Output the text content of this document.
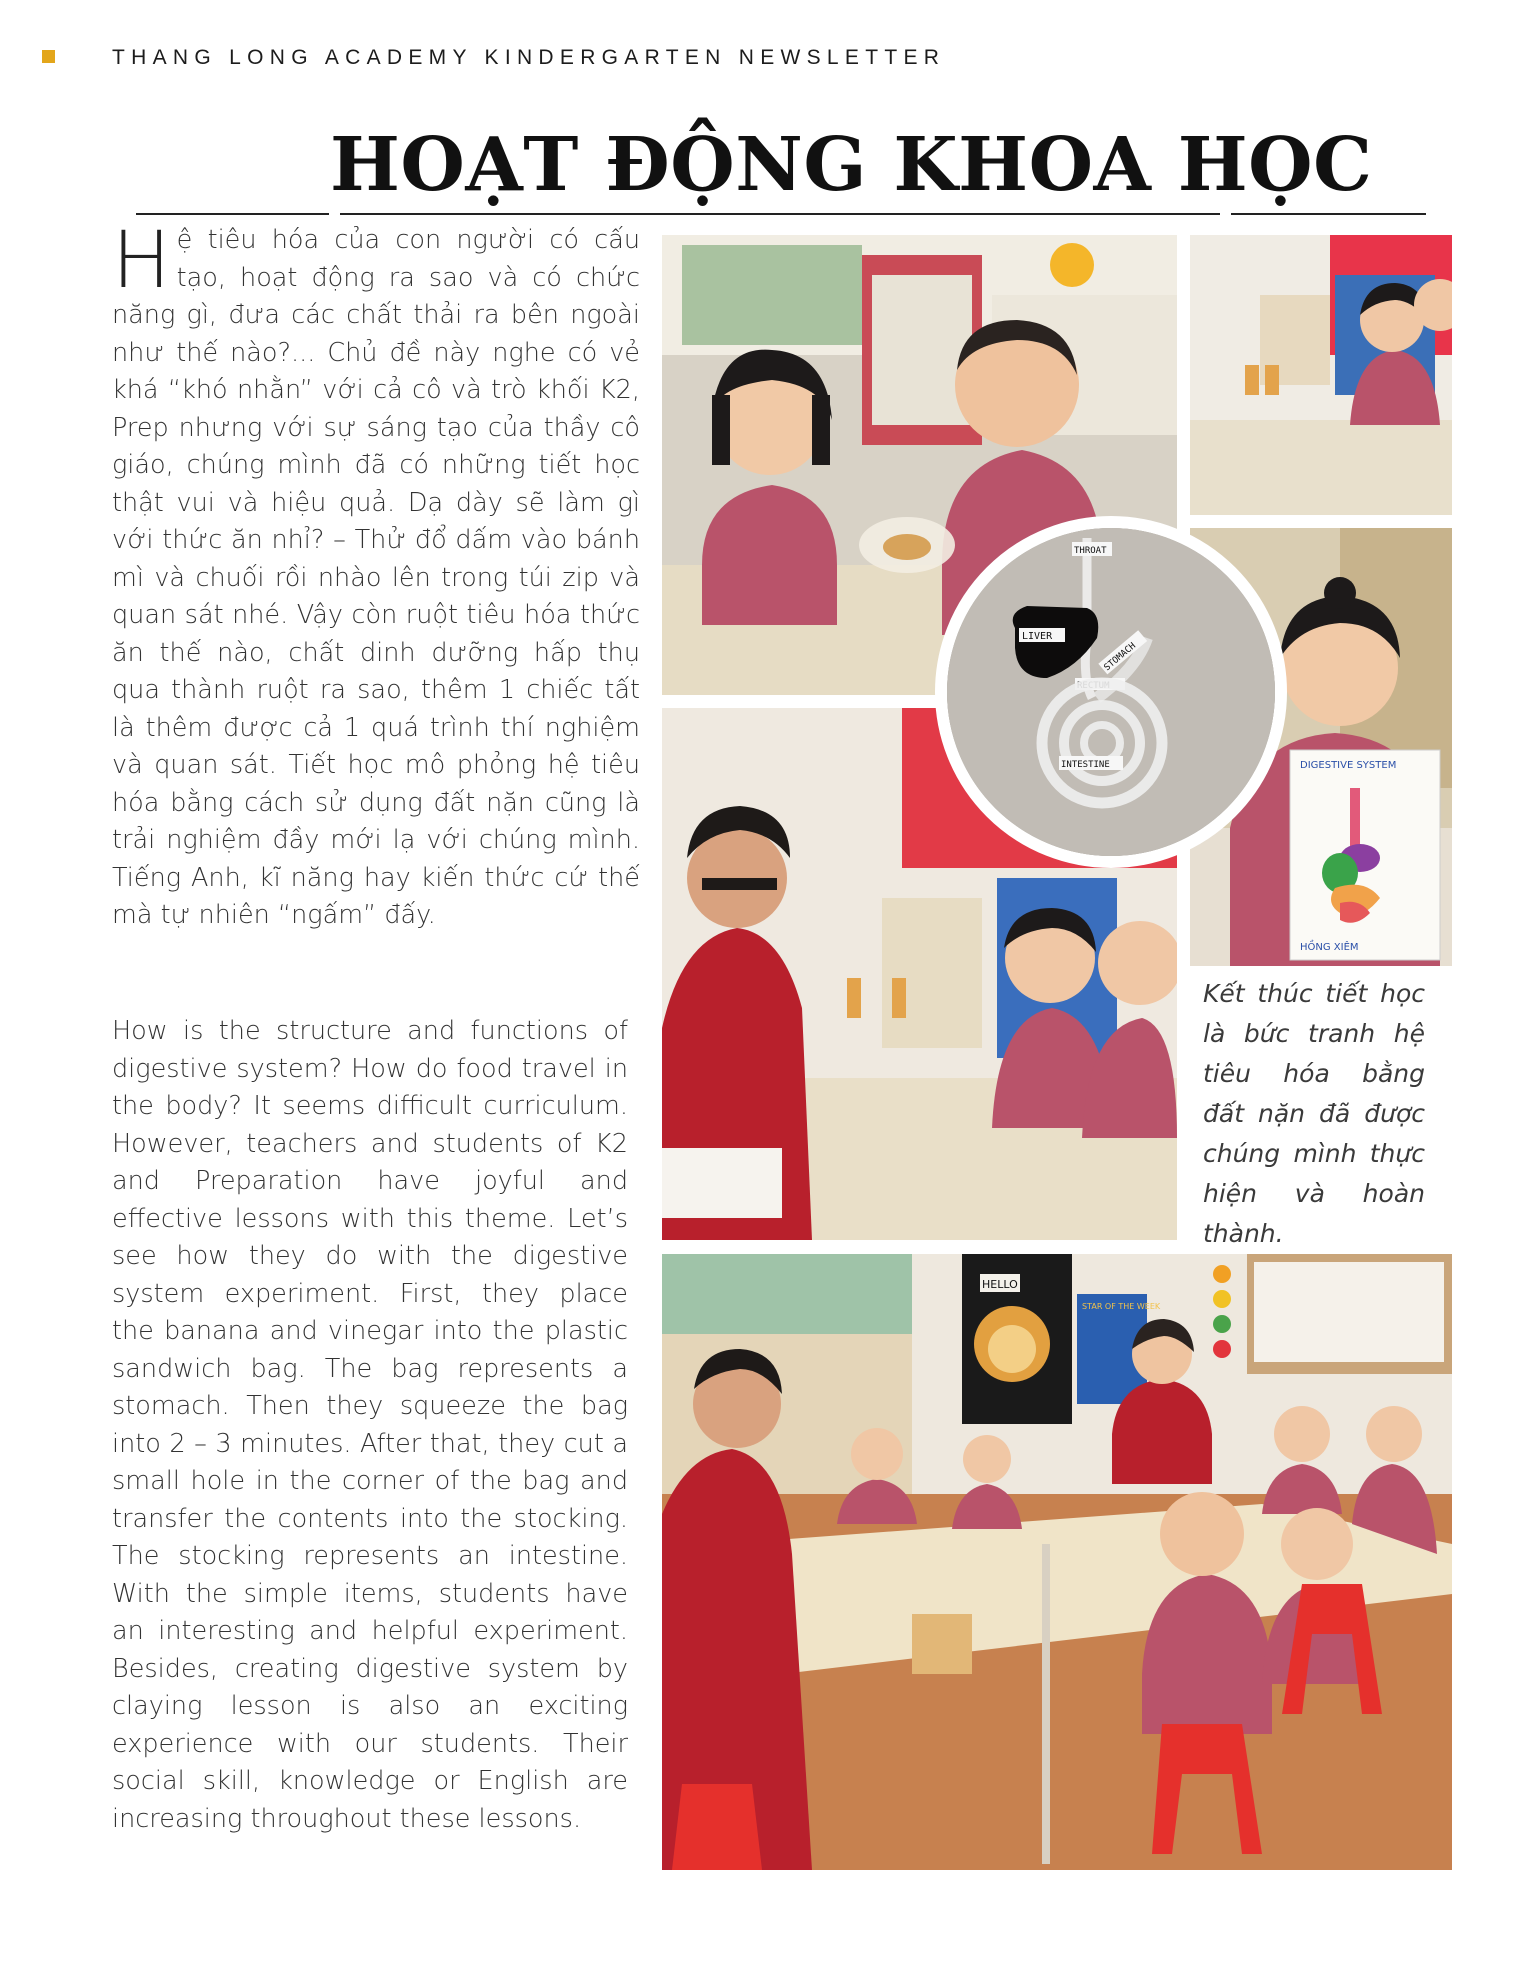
THANG LONG ACADEMY KINDERGARTEN NEWSLETTER
HOẠT ĐỘNG KHOA HỌC

Hệ tiêu hóa của con người có cấu tạo, hoạt động ra sao và có chức năng gì, đưa các chất thải ra bên ngoài như thế nào?... Chủ đề này nghe có vẻ khá “khó nhằn” với cả cô và trò khối K2, Prep nhưng với sự sáng tạo của thầy cô giáo, chúng mình đã có những tiết học thật vui và hiệu quả. Dạ dày sẽ làm gì với thức ăn nhỉ? – Thử đổ dấm vào bánh mì và chuối rồi nhào lên trong túi zip và quan sát nhé. Vậy còn ruột tiêu hóa thức ăn thế nào, chất dinh dưỡng hấp thụ qua thành ruột ra sao, thêm 1 chiếc tất là thêm được cả 1 quá trình thí nghiệm và quan sát. Tiết học mô phỏng hệ tiêu hóa bằng cách sử dụng đất nặn cũng là trải nghiệm đầy mới lạ với chúng mình. Tiếng Anh, kĩ năng hay kiến thức cứ thế mà tự nhiên “ngấm” đấy.

How is the structure and functions of digestive system? How do food travel in the body? It seems difficult curriculum. However, teachers and students of K2 and Preparation have joyful and effective lessons with this theme. Let’s see how they do with the digestive system experiment. First, they place the banana and vinegar into the plastic sandwich bag. The bag represents a stomach. Then they squeeze the bag into 2 – 3 minutes. After that, they cut a small hole in the corner of the bag and transfer the contents into the stocking. The stocking represents an intestine. With the simple items, students have an interesting and helpful experiment. Besides, creating digestive system by claying lesson is also an exciting experience with our students. Their social skill, knowledge or English are increasing throughout these lessons.

DIGESTIVE SYSTEM
HỒNG XIÊM
LIVER
THROAT
STOMACH
RECTUM
INTESTINE

Kết thúc tiết học là bức tranh hệ tiêu hóa bằng đất nặn đã được chúng mình thực hiện và hoàn thành.

HELLO
STAR OF THE WEEK
